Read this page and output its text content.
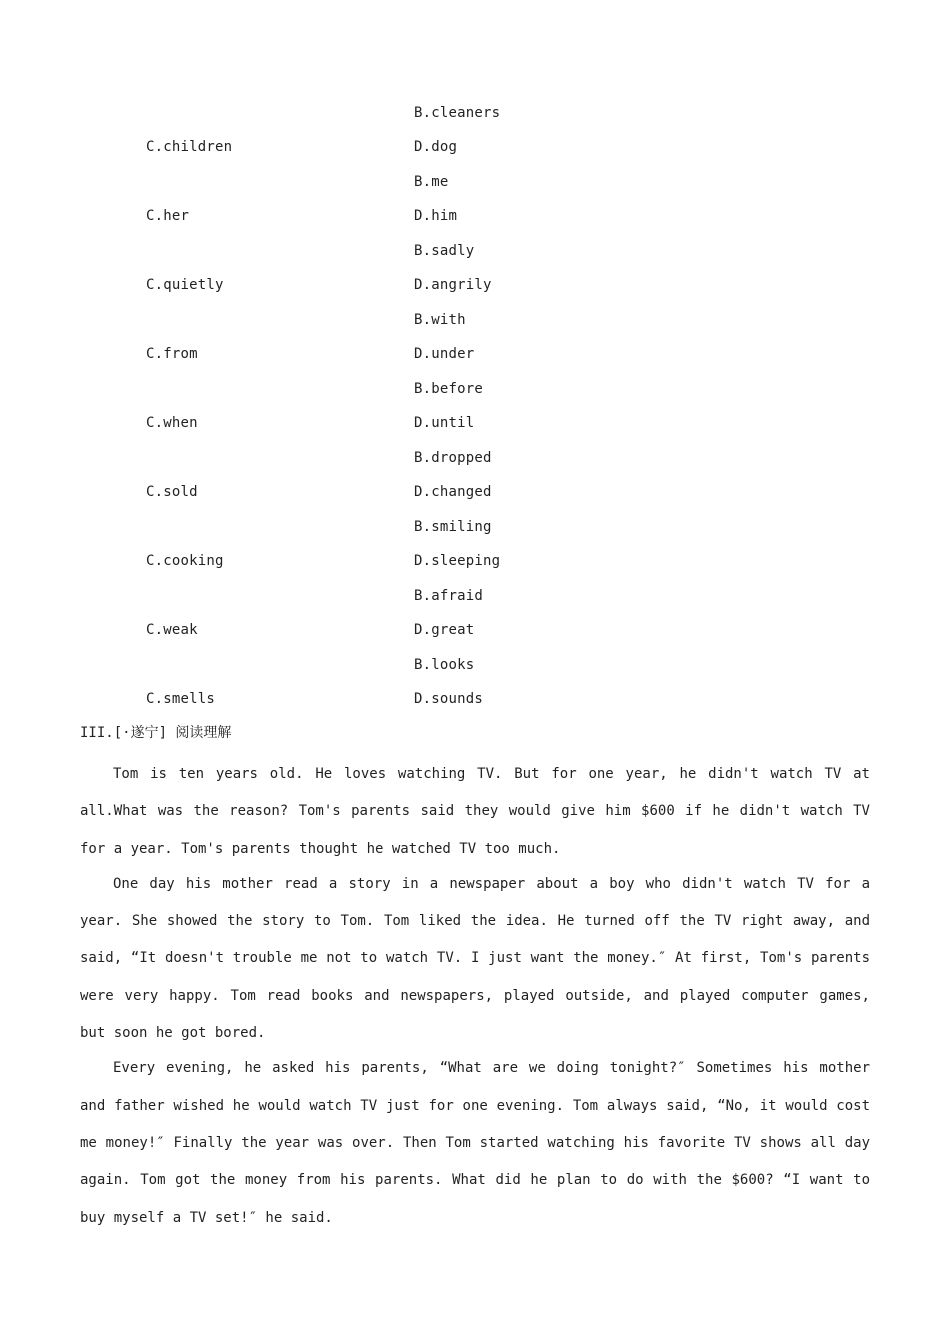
B.cleaners
C.children	D.dog
B.me
C.her	D.him
B.sadly
C.quietly	D.angrily
B.with
C.from	D.under
B.before
C.when	D.until
B.dropped
C.sold	D.changed
B.smiling
C.cooking	D.sleeping
B.afraid
C.weak	D.great
B.looks
C.smells	D.sounds
III.[·遂宁] 阅读理解

Tom is ten years old. He loves watching TV. But for one year, he didn't watch TV at all.What was the reason? Tom's parents said they would give him $600 if he didn't watch TV for a year. Tom's parents thought he watched TV too much.

One day his mother read a story in a newspaper about a boy who didn't watch TV for a year. She showed the story to Tom. Tom liked the idea. He turned off the TV right away, and said, “It doesn't trouble me not to watch TV. I just want the money.″ At first, Tom's parents were very happy. Tom read books and newspapers, played outside, and played computer games, but soon he got bored.

Every evening, he asked his parents, “What are we doing tonight?″ Sometimes his mother and father wished he would watch TV just for one evening. Tom always said, “No, it would cost me money!″ Finally the year was over. Then Tom started watching his favorite TV shows all day again. Tom got the money from his parents. What did he plan to do with the $600? “I want to buy myself a TV set!″ he said.
